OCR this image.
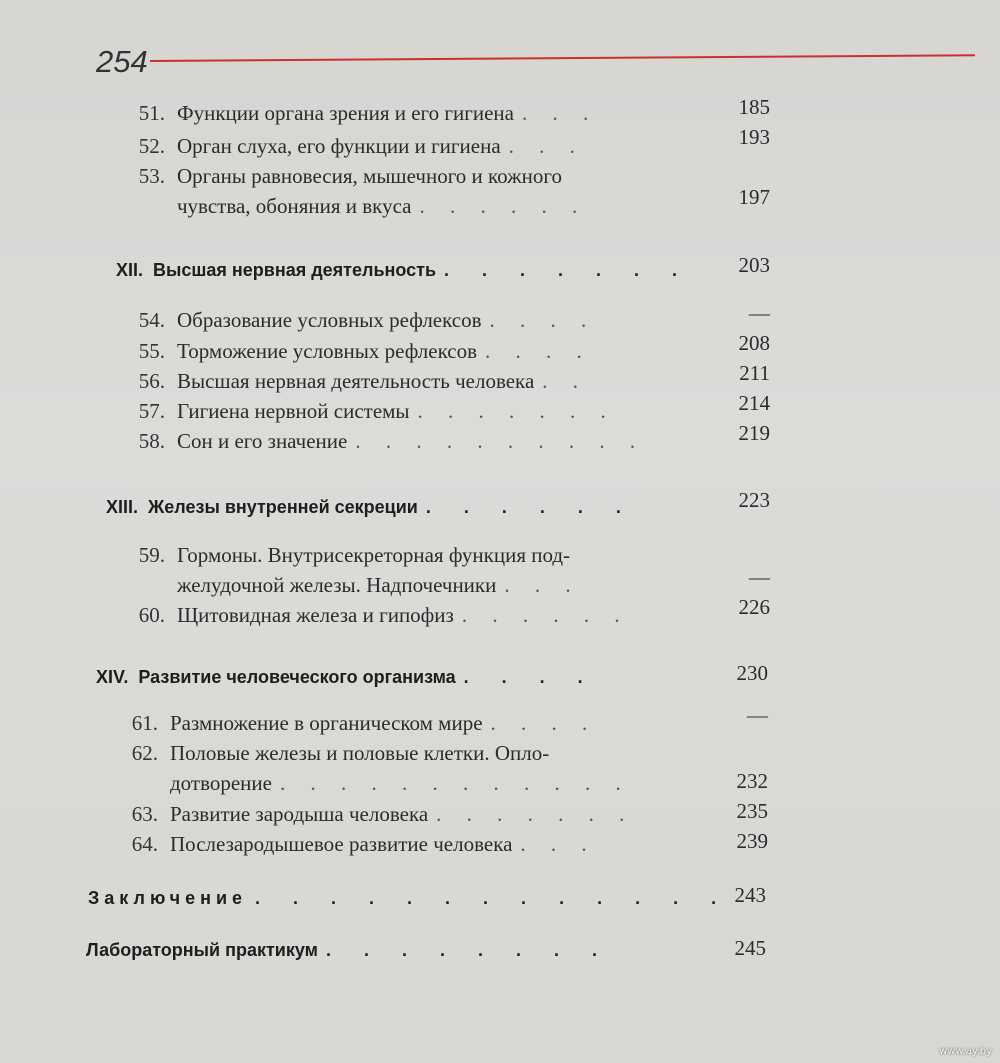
254
51. Функции органа зрения и его гигиена . . .	185
52. Орган слуха, его функции и гигиена . . .	193
53. Органы равновесия, мышечного и кожного
чувства, обоняния и вкуса . . . . . .	197
XII. Высшая нервная деятельность . . . . . . .	203
54. Образование условных рефлексов . . . .	—
55. Торможение условных рефлексов . . . .	208
56. Высшая нервная деятельность человека . .	211
57. Гигиена нервной системы . . . . . . .	214
58. Сон и его значение . . . . . . . . . .	219
XIII. Железы внутренней секреции . . . . . .	223
59. Гормоны. Внутрисекреторная функция под-
желудочной железы. Надпочечники . . .	—
60. Щитовидная железа и гипофиз . . . . . .	226
XIV. Развитие человеческого организма . . . .	230
61. Размножение в органическом мире . . . .	—
62. Половые железы и половые клетки. Опло-
дотворение . . . . . . . . . . . .	232
63. Развитие зародыша человека . . . . . . .	235
64. Послезародышевое развитие человека . . .	239
Заключение . . . . . . . . . . . . . 243
Лабораторный практикум . . . . . . . .	245
www.ay.by
